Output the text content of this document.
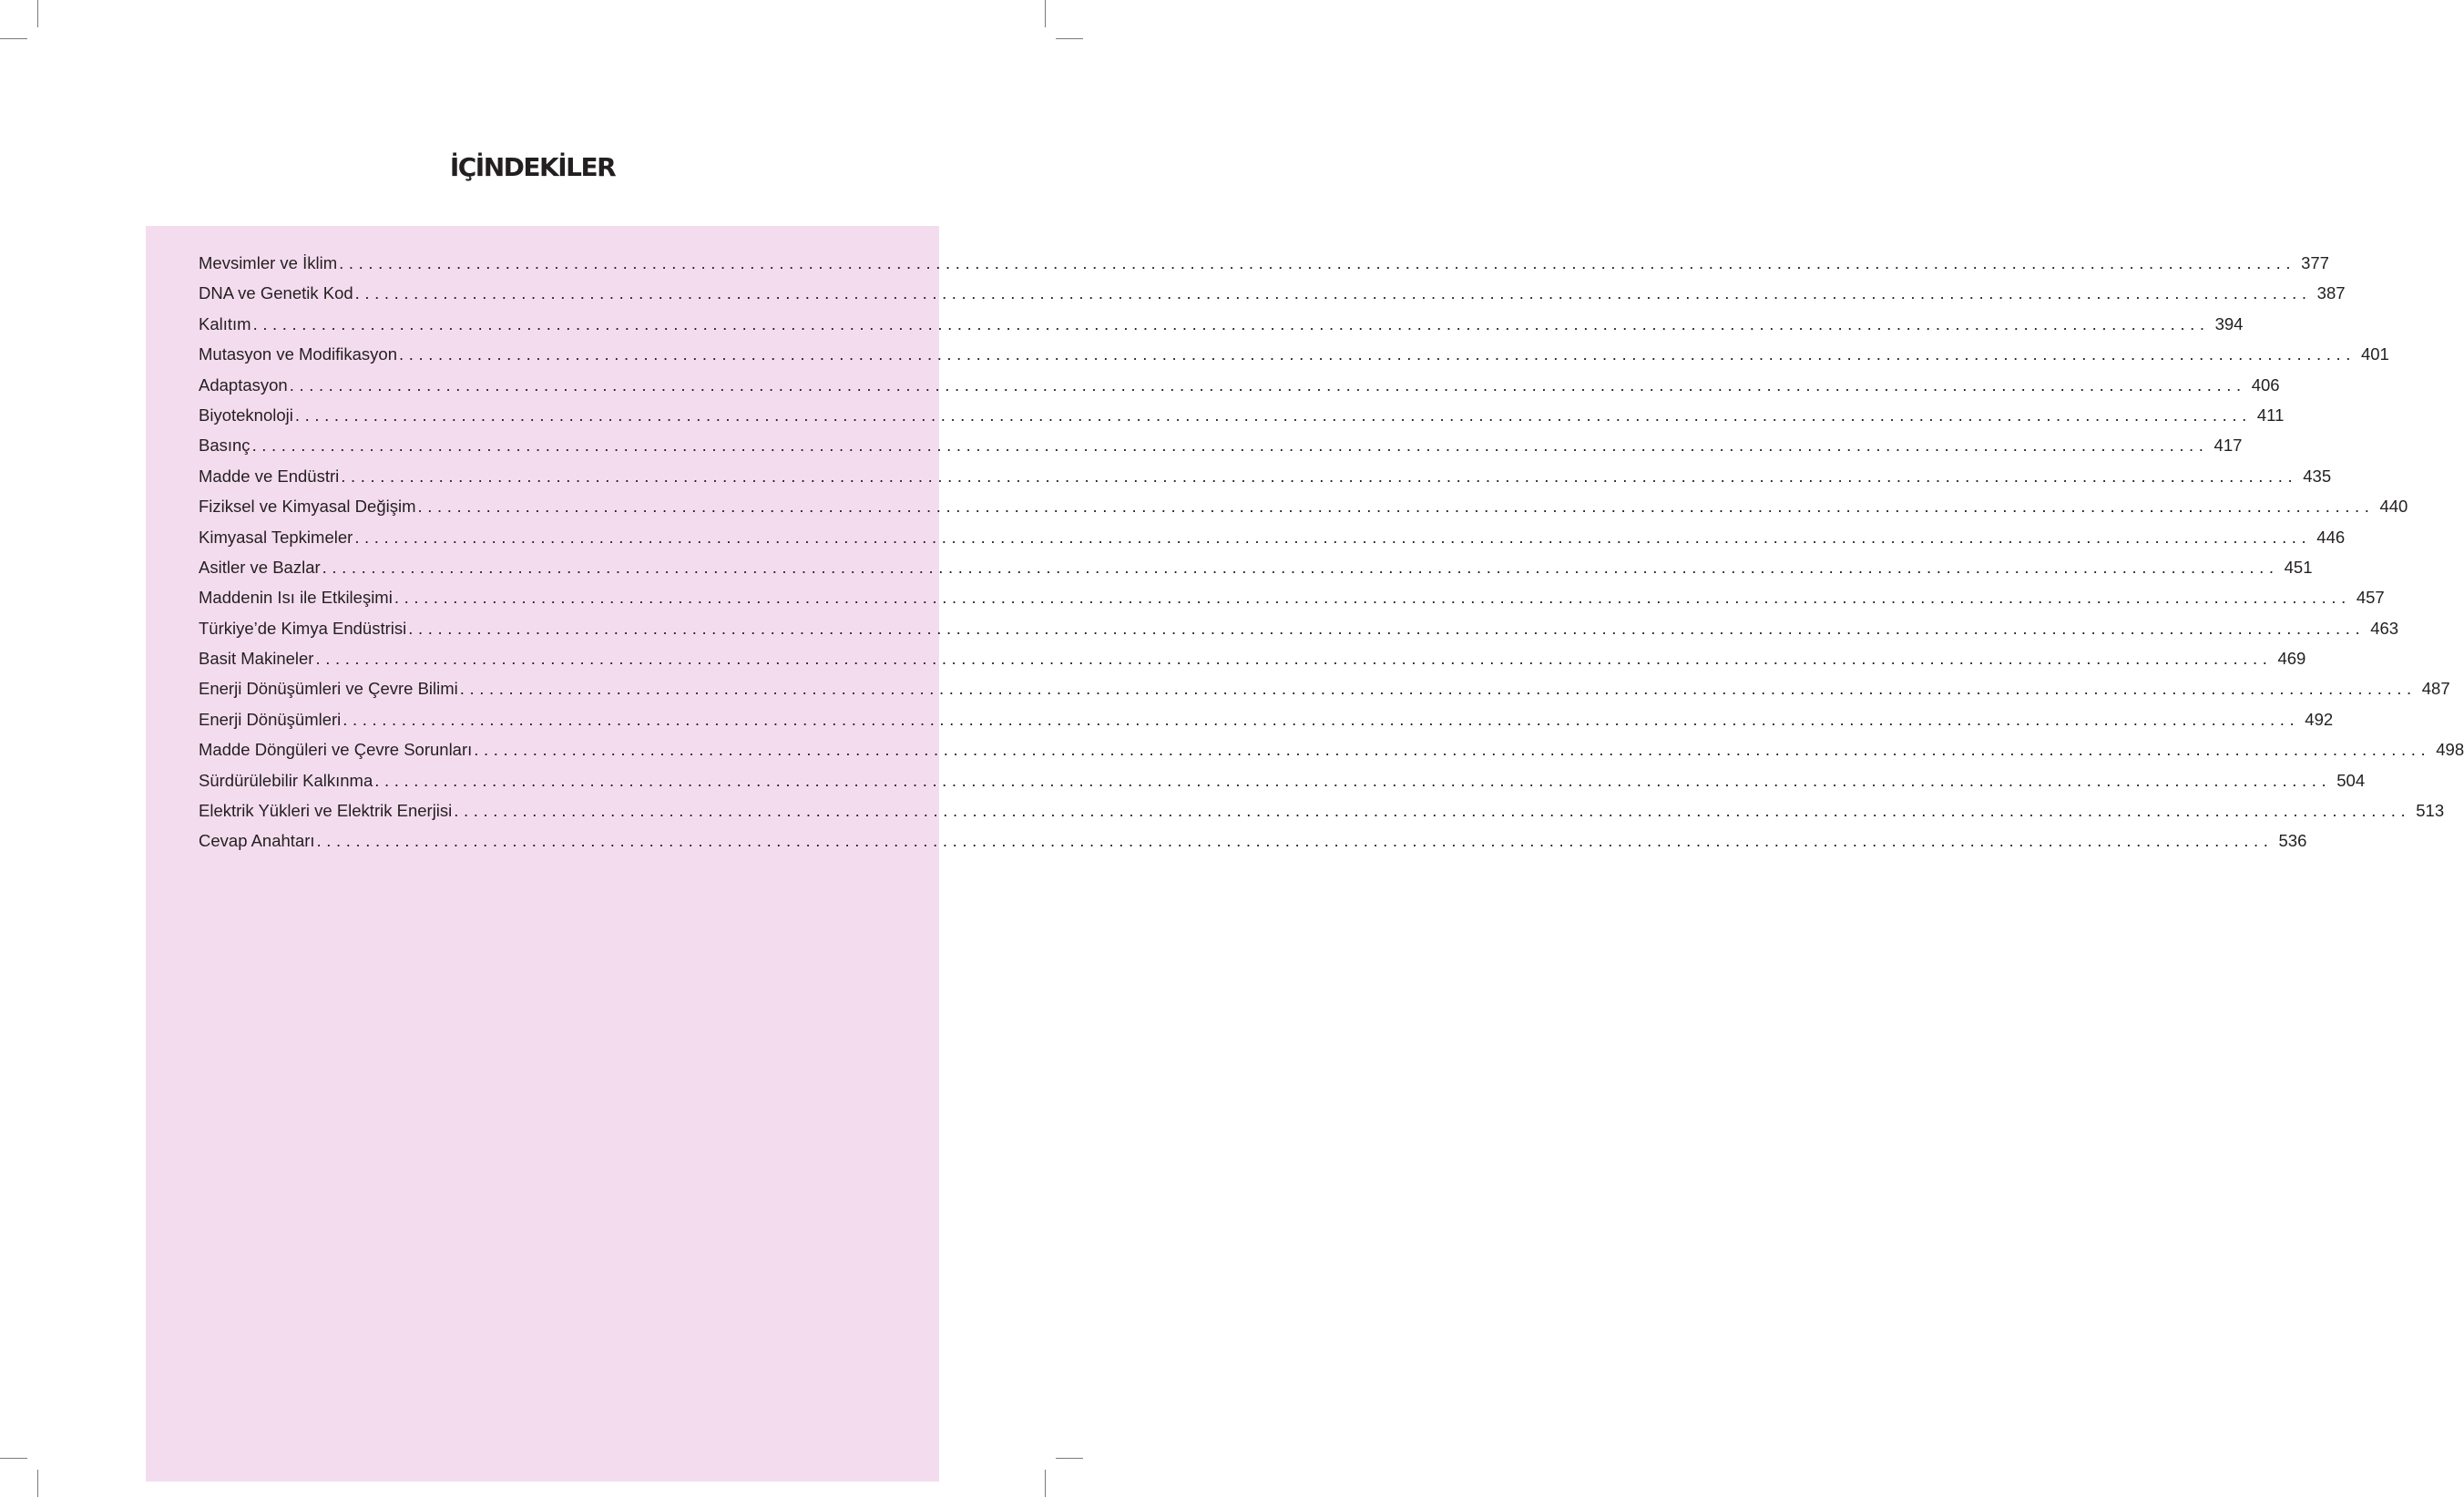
İÇİNDEKİLER
Mevsimler ve İklim ........................................................................................................................................................................................................ 377
DNA ve Genetik Kod ........................................................................................................................................................................................................ 387
Kalıtım ........................................................................................................................................................................................................ 394
Mutasyon ve Modifikasyon ........................................................................................................................................................................................................ 401
Adaptasyon ........................................................................................................................................................................................................ 406
Biyoteknoloji ........................................................................................................................................................................................................ 411
Basınç ........................................................................................................................................................................................................ 417
Madde ve Endüstri ........................................................................................................................................................................................................ 435
Fiziksel ve Kimyasal Değişim ........................................................................................................................................................................................................ 440
Kimyasal Tepkimeler ........................................................................................................................................................................................................ 446
Asitler ve Bazlar ........................................................................................................................................................................................................ 451
Maddenin Isı ile Etkileşimi ........................................................................................................................................................................................................ 457
Türkiye’de Kimya Endüstrisi ........................................................................................................................................................................................................ 463
Basit Makineler ........................................................................................................................................................................................................ 469
Enerji Dönüşümleri ve Çevre Bilimi ........................................................................................................................................................................................................ 487
Enerji Dönüşümleri ........................................................................................................................................................................................................ 492
Madde Döngüleri ve Çevre Sorunları ........................................................................................................................................................................................................ 498
Sürdürülebilir Kalkınma ........................................................................................................................................................................................................ 504
Elektrik Yükleri ve Elektrik Enerjisi ........................................................................................................................................................................................................ 513
Cevap Anahtarı ........................................................................................................................................................................................................ 536
